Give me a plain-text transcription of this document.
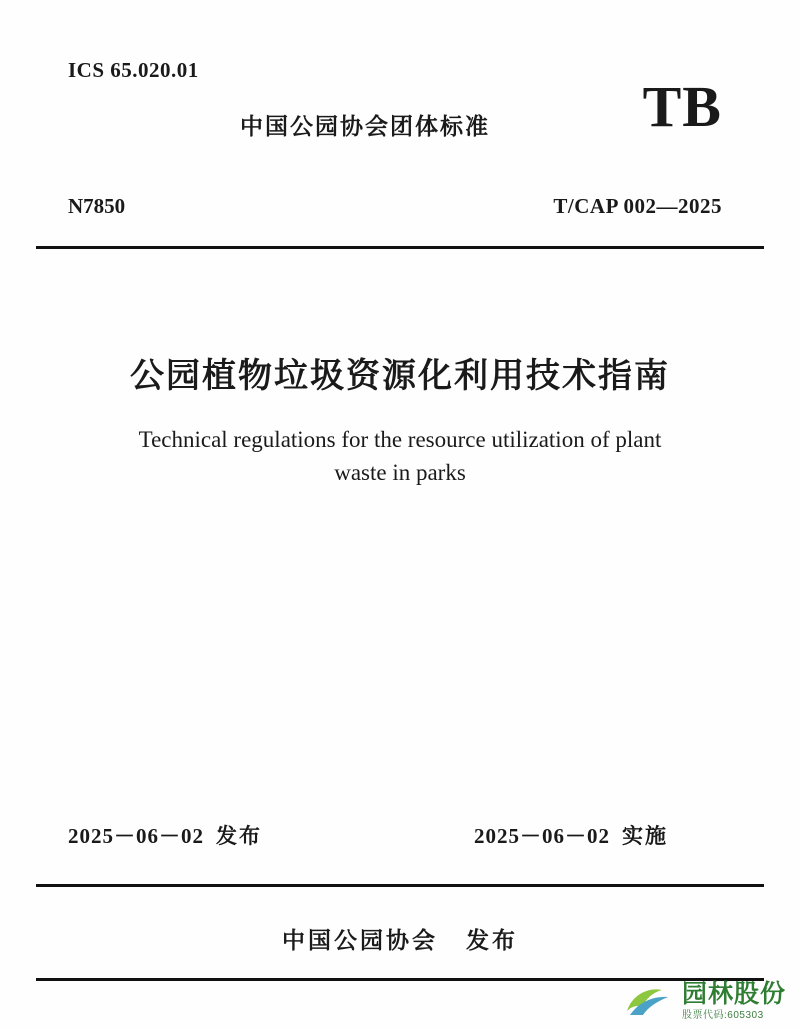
ICS 65.020.01
中国公园协会团体标准	TB
N7850	T/CAP 002—2025
公园植物垃圾资源化利用技术指南
Technical regulations for the resource utilization of plant
waste in parks
2025－06－02 发布	2025－06－02 实施
中国公园协会 发布
园林股份
股票代码:605303
